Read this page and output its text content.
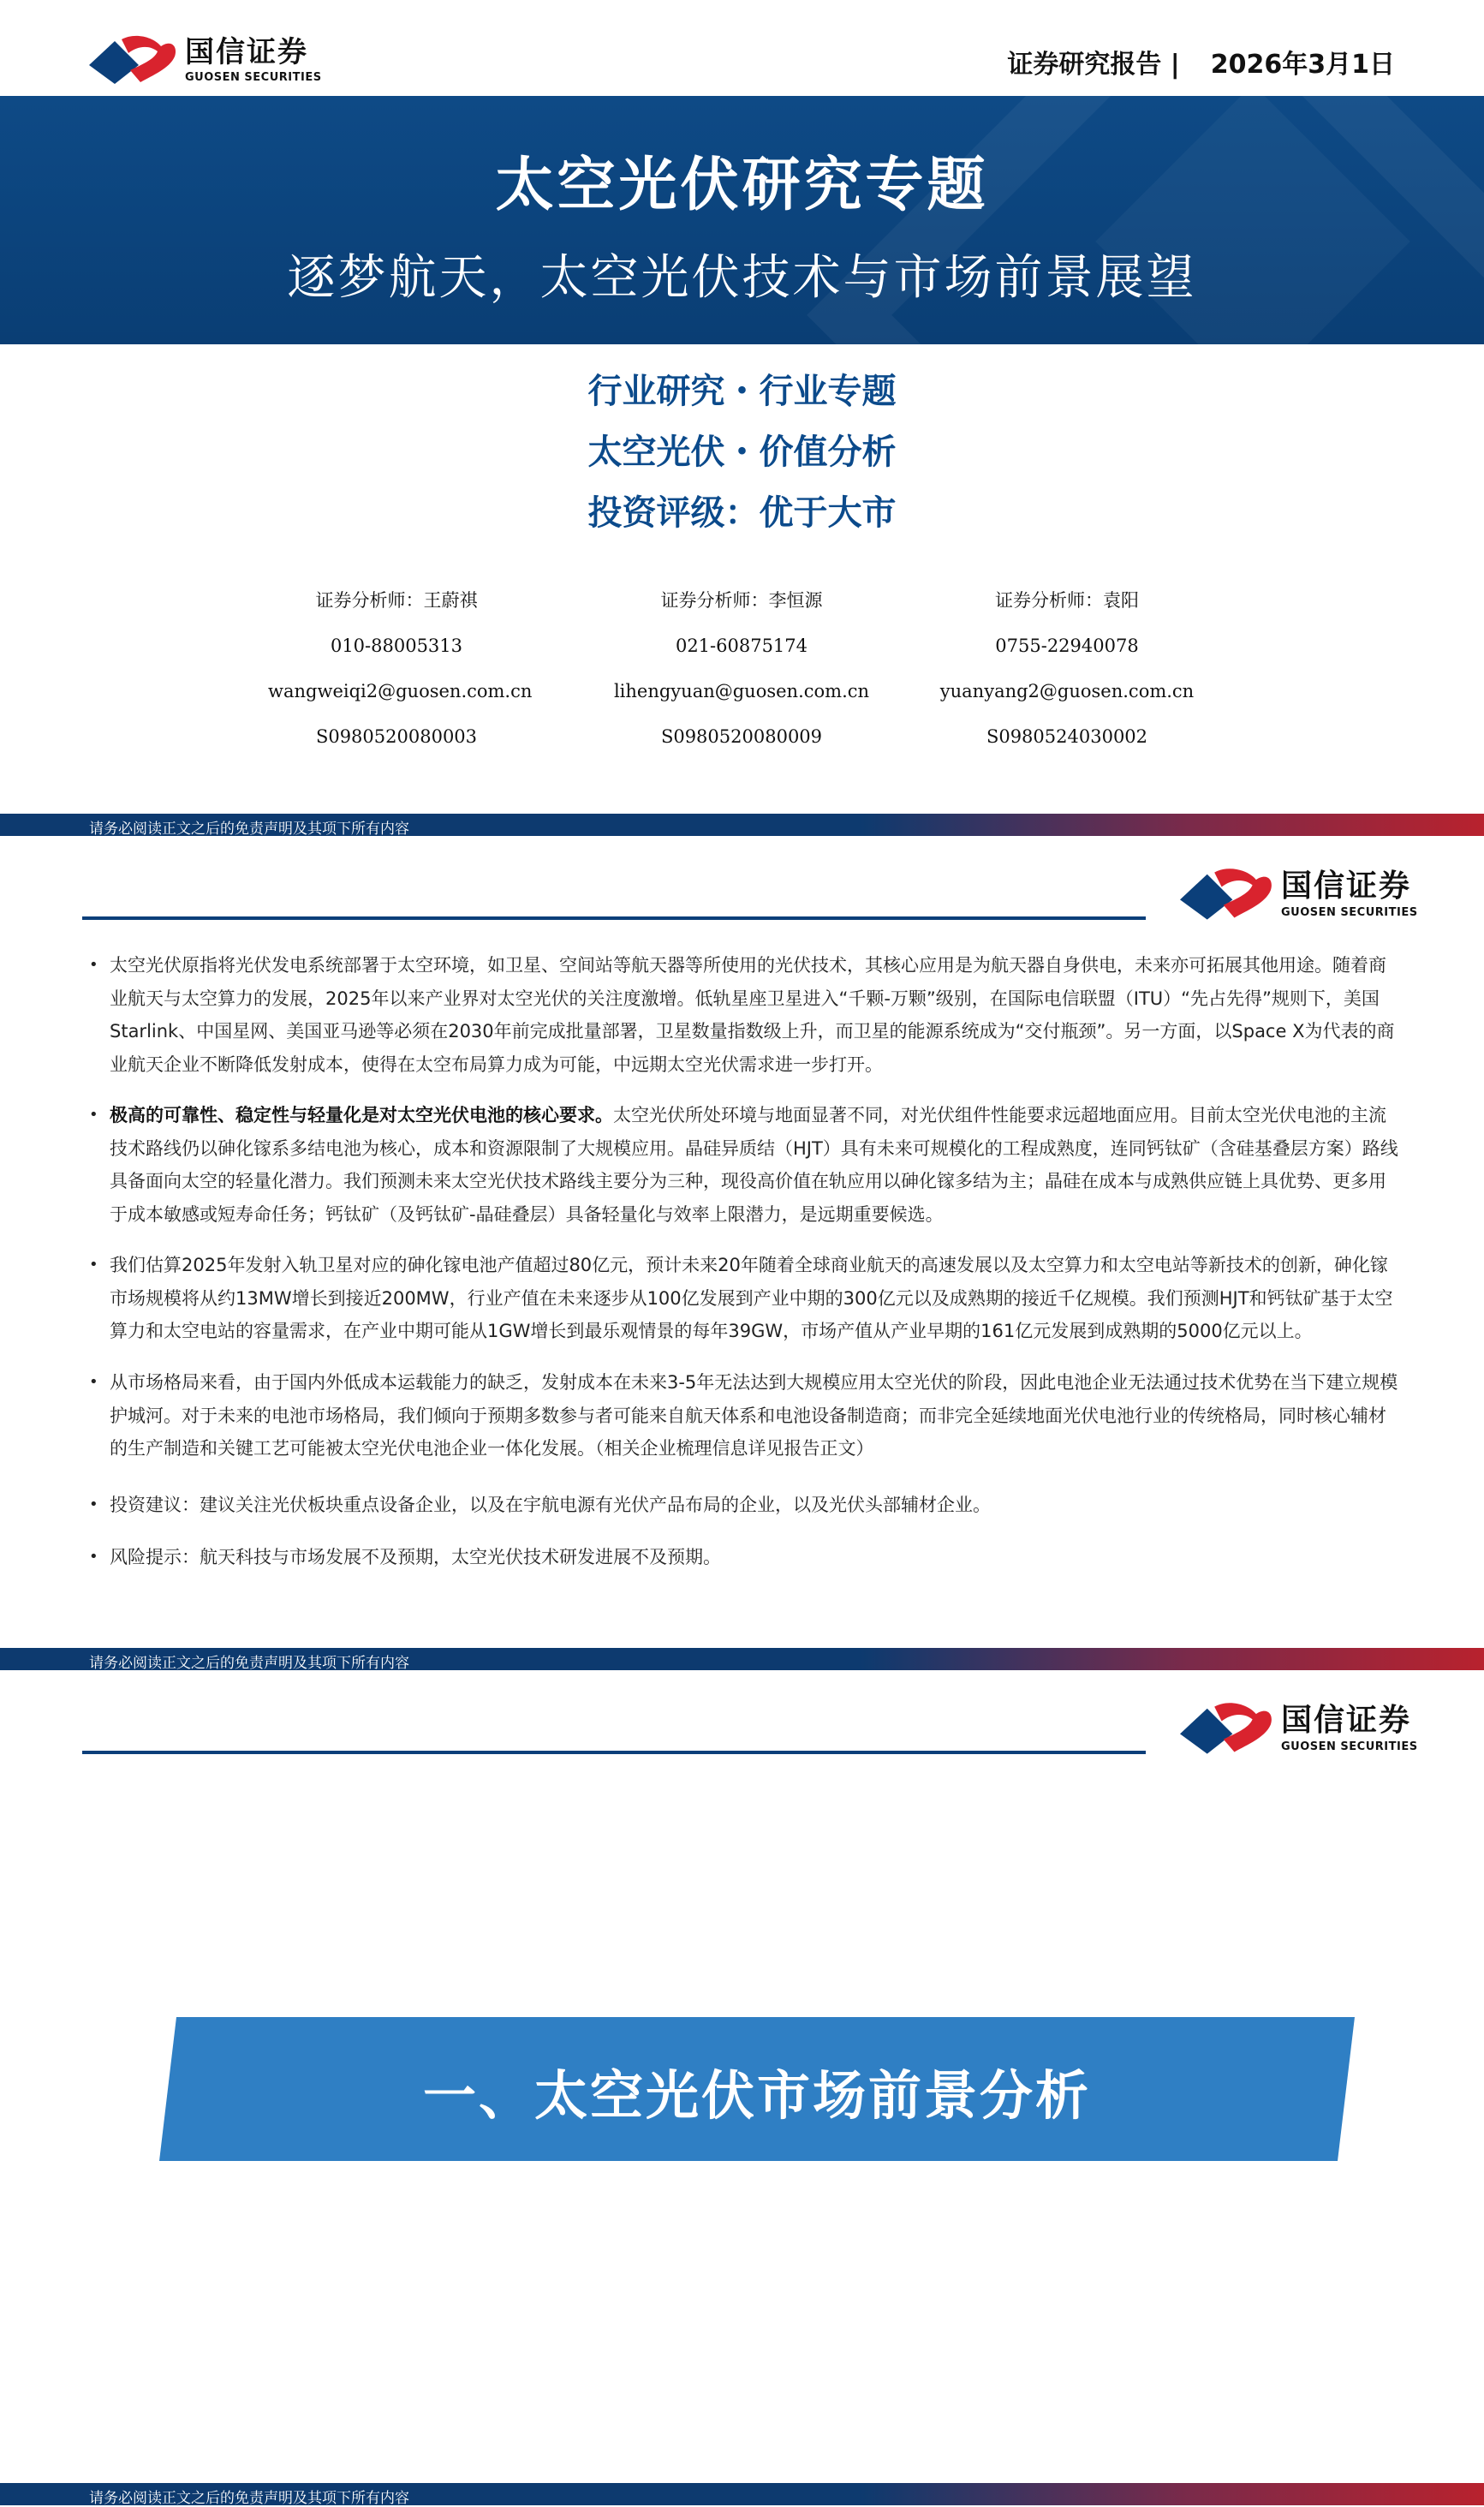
国信证券
GUOSEN SECURITIES	证券研究报告 | 2026年3月1日
太空光伏研究专题
逐梦航天，太空光伏技术与市场前景展望
行业研究・行业专题
太空光伏・价值分析
投资评级：优于大市
证券分析师：王蔚祺
010-88005313
wangweiqi2@guosen.com.cn
S0980520080003
证券分析师：李恒源
021-60875174
lihengyuan@guosen.com.cn
S0980520080009
证券分析师：袁阳
0755-22940078
yuanyang2@guosen.com.cn
S0980524030002
请务必阅读正文之后的免责声明及其项下所有内容
国信证券
GUOSEN SECURITIES
• 太空光伏原指将光伏发电系统部署于太空环境，如卫星、空间站等航天器等所使用的光伏技术，其核心应用是为航天器自身供电，未来亦可拓展其他用途。随着商业航天与太空算力的发展，2025年以来产业界对太空光伏的关注度激增。低轨星座卫星进入“千颗-万颗”级别，在国际电信联盟（ITU）“先占先得”规则下，美国Starlink、中国星网、美国亚马逊等必须在2030年前完成批量部署，卫星数量指数级上升，而卫星的能源系统成为“交付瓶颈”。另一方面，以Space X为代表的商业航天企业不断降低发射成本，使得在太空布局算力成为可能，中远期太空光伏需求进一步打开。
• 极高的可靠性、稳定性与轻量化是对太空光伏电池的核心要求。太空光伏所处环境与地面显著不同，对光伏组件性能要求远超地面应用。目前太空光伏电池的主流技术路线仍以砷化镓系多结电池为核心，成本和资源限制了大规模应用。晶硅异质结（HJT）具有未来可规模化的工程成熟度，连同钙钛矿（含硅基叠层方案）路线具备面向太空的轻量化潜力。我们预测未来太空光伏技术路线主要分为三种，现役高价值在轨应用以砷化镓多结为主；晶硅在成本与成熟供应链上具优势、更多用于成本敏感或短寿命任务；钙钛矿（及钙钛矿-晶硅叠层）具备轻量化与效率上限潜力，是远期重要候选。
• 我们估算2025年发射入轨卫星对应的砷化镓电池产值超过80亿元，预计未来20年随着全球商业航天的高速发展以及太空算力和太空电站等新技术的创新，砷化镓市场规模将从约13MW增长到接近200MW，行业产值在未来逐步从100亿发展到产业中期的300亿元以及成熟期的接近千亿规模。我们预测HJT和钙钛矿基于太空算力和太空电站的容量需求，在产业中期可能从1GW增长到最乐观情景的每年39GW，市场产值从产业早期的161亿元发展到成熟期的5000亿元以上。
• 从市场格局来看，由于国内外低成本运载能力的缺乏，发射成本在未来3-5年无法达到大规模应用太空光伏的阶段，因此电池企业无法通过技术优势在当下建立规模护城河。对于未来的电池市场格局，我们倾向于预期多数参与者可能来自航天体系和电池设备制造商；而非完全延续地面光伏电池行业的传统格局，同时核心辅材的生产制造和关键工艺可能被太空光伏电池企业一体化发展。（相关企业梳理信息详见报告正文）
• 投资建议：建议关注光伏板块重点设备企业，以及在宇航电源有光伏产品布局的企业，以及光伏头部辅材企业。
• 风险提示：航天科技与市场发展不及预期，太空光伏技术研发进展不及预期。
请务必阅读正文之后的免责声明及其项下所有内容
国信证券
GUOSEN SECURITIES
一、太空光伏市场前景分析
请务必阅读正文之后的免责声明及其项下所有内容
